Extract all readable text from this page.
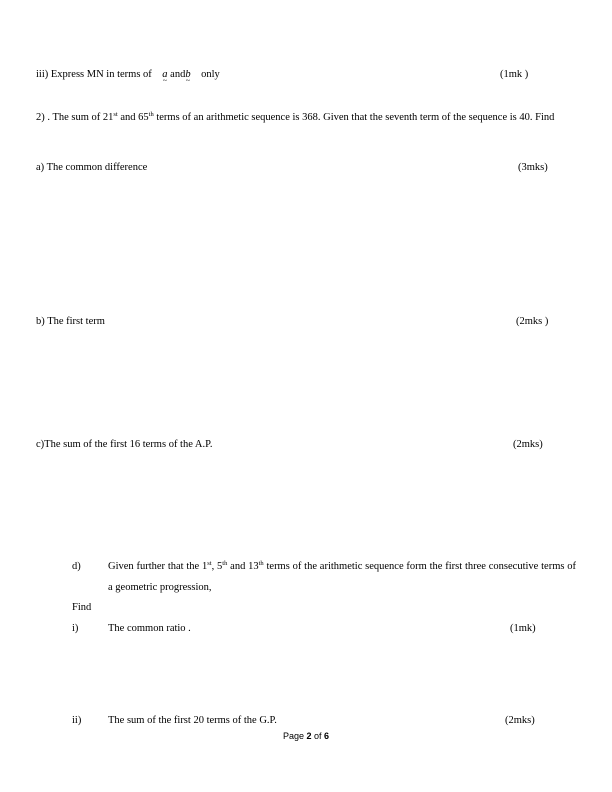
iii) Express MN in terms of a ~ andb ~ only	(1mk )
2) . The sum of 21st and 65th terms of an arithmetic sequence is 368. Given that the seventh term of the sequence is 40. Find
a) The common difference	(3mks)
b) The first term	(2mks )
c)The sum of the first 16 terms of the A.P.	(2mks)
d)	Given further that the 1st, 5th and 13th terms of the arithmetic sequence form the first three consecutive terms of a geometric progression,
Find
i)	The common ratio .	(1mk)
ii)	The sum of the first 20 terms of the G.P.	(2mks)
Page 2 of 6
